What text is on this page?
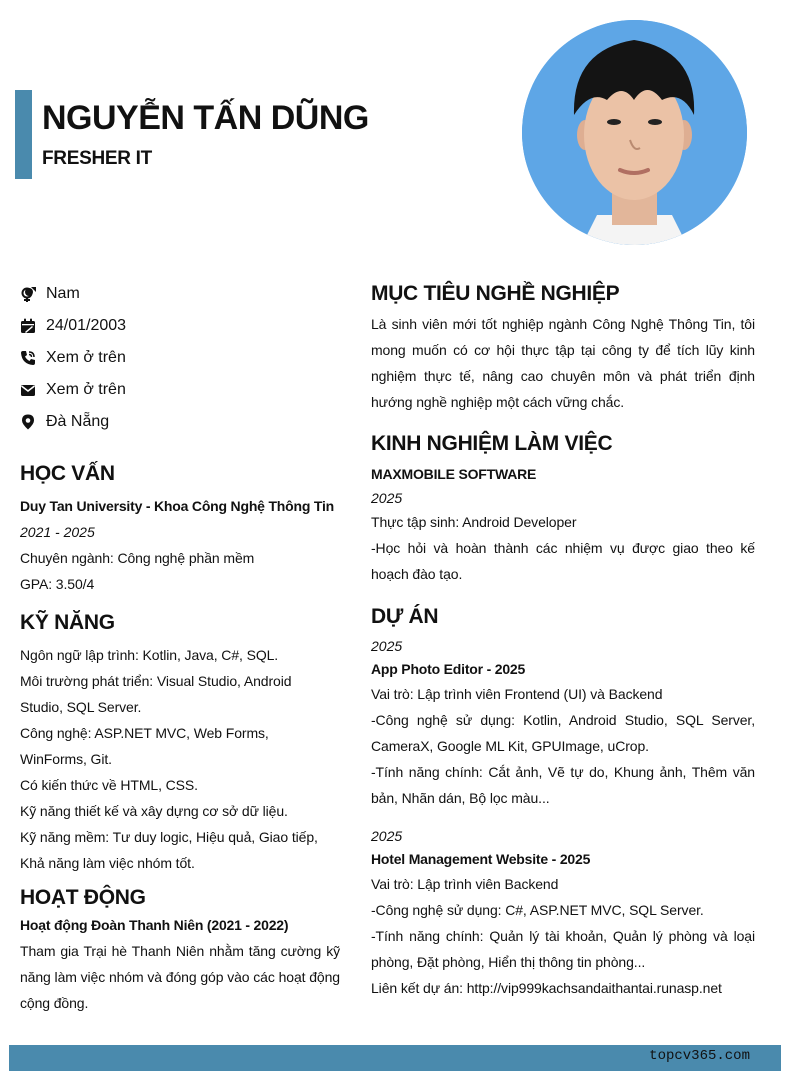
NGUYỄN TẤN DŨNG
FRESHER IT
Nam
24/01/2003
Xem ở trên
Xem ở trên
Đà Nẵng
HỌC VẤN
Duy Tan University - Khoa Công Nghệ Thông Tin
2021 - 2025
Chuyên ngành: Công nghệ phần mềm
GPA: 3.50/4
KỸ NĂNG
Ngôn ngữ lập trình: Kotlin, Java, C#, SQL.
Môi trường phát triển: Visual Studio, Android Studio, SQL Server.
Công nghệ: ASP.NET MVC, Web Forms, WinForms, Git.
Có kiến thức về HTML, CSS.
Kỹ năng thiết kế và xây dựng cơ sở dữ liệu.
Kỹ năng mềm: Tư duy logic, Hiệu quả, Giao tiếp, Khả năng làm việc nhóm tốt.
HOẠT ĐỘNG
Hoạt động Đoàn Thanh Niên (2021 - 2022)
Tham gia Trại hè Thanh Niên nhằm tăng cường kỹ năng làm việc nhóm và đóng góp vào các hoạt động cộng đồng.
MỤC TIÊU NGHỀ NGHIỆP
Là sinh viên mới tốt nghiệp ngành Công Nghệ Thông Tin, tôi mong muốn có cơ hội thực tập tại công ty để tích lũy kinh nghiệm thực tế, nâng cao chuyên môn và phát triển định hướng nghề nghiệp một cách vững chắc.
KINH NGHIỆM LÀM VIỆC
MAXMOBILE SOFTWARE
2025
Thực tập sinh: Android Developer
-Học hỏi và hoàn thành các nhiệm vụ được giao theo kế hoạch đào tạo.
DỰ ÁN
2025
App Photo Editor - 2025
Vai trò: Lập trình viên Frontend (UI) và Backend
-Công nghệ sử dụng: Kotlin, Android Studio, SQL Server, CameraX, Google ML Kit, GPUImage, uCrop.
-Tính năng chính: Cắt ảnh, Vẽ tự do, Khung ảnh, Thêm văn bản, Nhãn dán, Bộ lọc màu...
2025
Hotel Management Website - 2025
Vai trò: Lập trình viên Backend
-Công nghệ sử dụng: C#, ASP.NET MVC, SQL Server.
-Tính năng chính: Quản lý tài khoản, Quản lý phòng và loại phòng, Đặt phòng, Hiển thị thông tin phòng...
Liên kết dự án: http://vip999kachsandaithantai.runasp.net
topcv365.com
